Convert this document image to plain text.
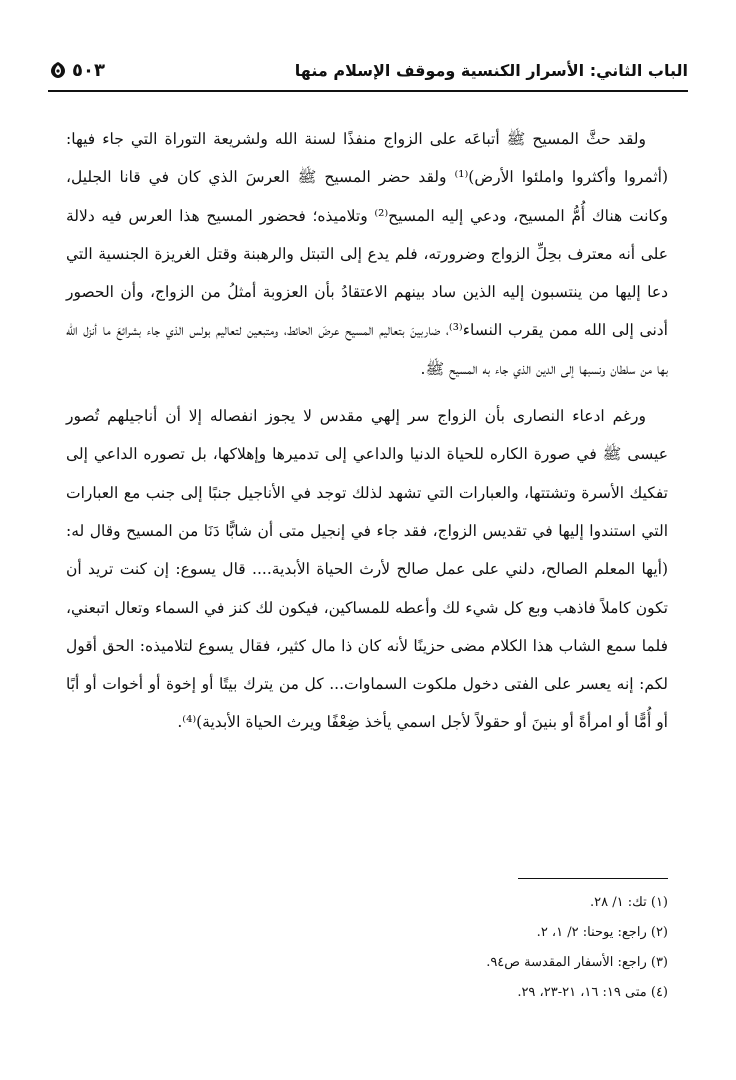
٥٠٣	الباب الثاني: الأسرار الكنسية وموقف الإسلام منها

ولقد حثَّ المسيح ﷺ أتباعَه على الزواج منفذًا لسنة الله ولشريعة التوراة التي جاء فيها: (أثمروا وأكثروا واملئوا الأرض)⁽¹⁾ ولقد حضر المسيح ﷺ العرسَ الذي كان في قانا الجليل، وكانت هناك أُمُّ المسيح، ودعي إليه المسيح⁽²⁾ وتلاميذه؛ فحضور المسيح هذا العرس فيه دلالة على أنه معترف بحِلِّ الزواج وضرورته، فلم يدع إلى التبتل والرهبنة وقتل الغريزة الجنسية التي دعا إليها من ينتسبون إليه الذين ساد بينهم الاعتقادُ بأن العزوبة أمثلُ من الزواج، وأن الحصور أدنى إلى الله ممن يقرب النساء⁽³⁾، ضاربينَ بتعاليم المسيح عرضَ الحائط، ومتبعين لتعاليم بولس الذي جاء بشرائعَ ما أنزل الله بها من سلطان ونسبها إلى الدين الذي جاء به المسيح ﷺ.

ورغم ادعاء النصارى بأن الزواج سر إلهي مقدس لا يجوز انفصاله إلا أن أناجيلهم تُصور عيسى ﷺ في صورة الكاره للحياة الدنيا والداعي إلى تدميرها وإهلاكها، بل تصوره الداعي إلى تفكيك الأسرة وتشتتها، والعبارات التي تشهد لذلك توجد في الأناجيل جنبًا إلى جنب مع العبارات التي استندوا إليها في تقديس الزواج، فقد جاء في إنجيل متى أن شابًّا دَنَا من المسيح وقال له: (أيها المعلم الصالح، دلني على عمل صالح لأرث الحياة الأبدية.... قال يسوع: إن كنت تريد أن تكون كاملاً فاذهب وبع كل شيء لك وأعطه للمساكين، فيكون لك كنز في السماء وتعال اتبعني، فلما سمع الشاب هذا الكلام مضى حزينًا لأنه كان ذا مال كثير، فقال يسوع لتلاميذه: الحق أقول لكم: إنه يعسر على الفتى دخول ملكوت السماوات... كل من يترك بيتًا أو إخوة أو أخوات أو أبًا أو أُمًّا أو امرأةً أو بنينَ أو حقولاً لأجل اسمي يأخذ ضِعْفًا ويرث الحياة الأبدية)⁽⁴⁾.

(١) تك: ١/ ٢٨.
(٢) راجع: يوحنا: ٢/ ١، ٢.
(٣) راجع: الأسفار المقدسة ص٩٤.
(٤) متى ١٩: ١٦، ٢١-٢٣، ٢٩.
